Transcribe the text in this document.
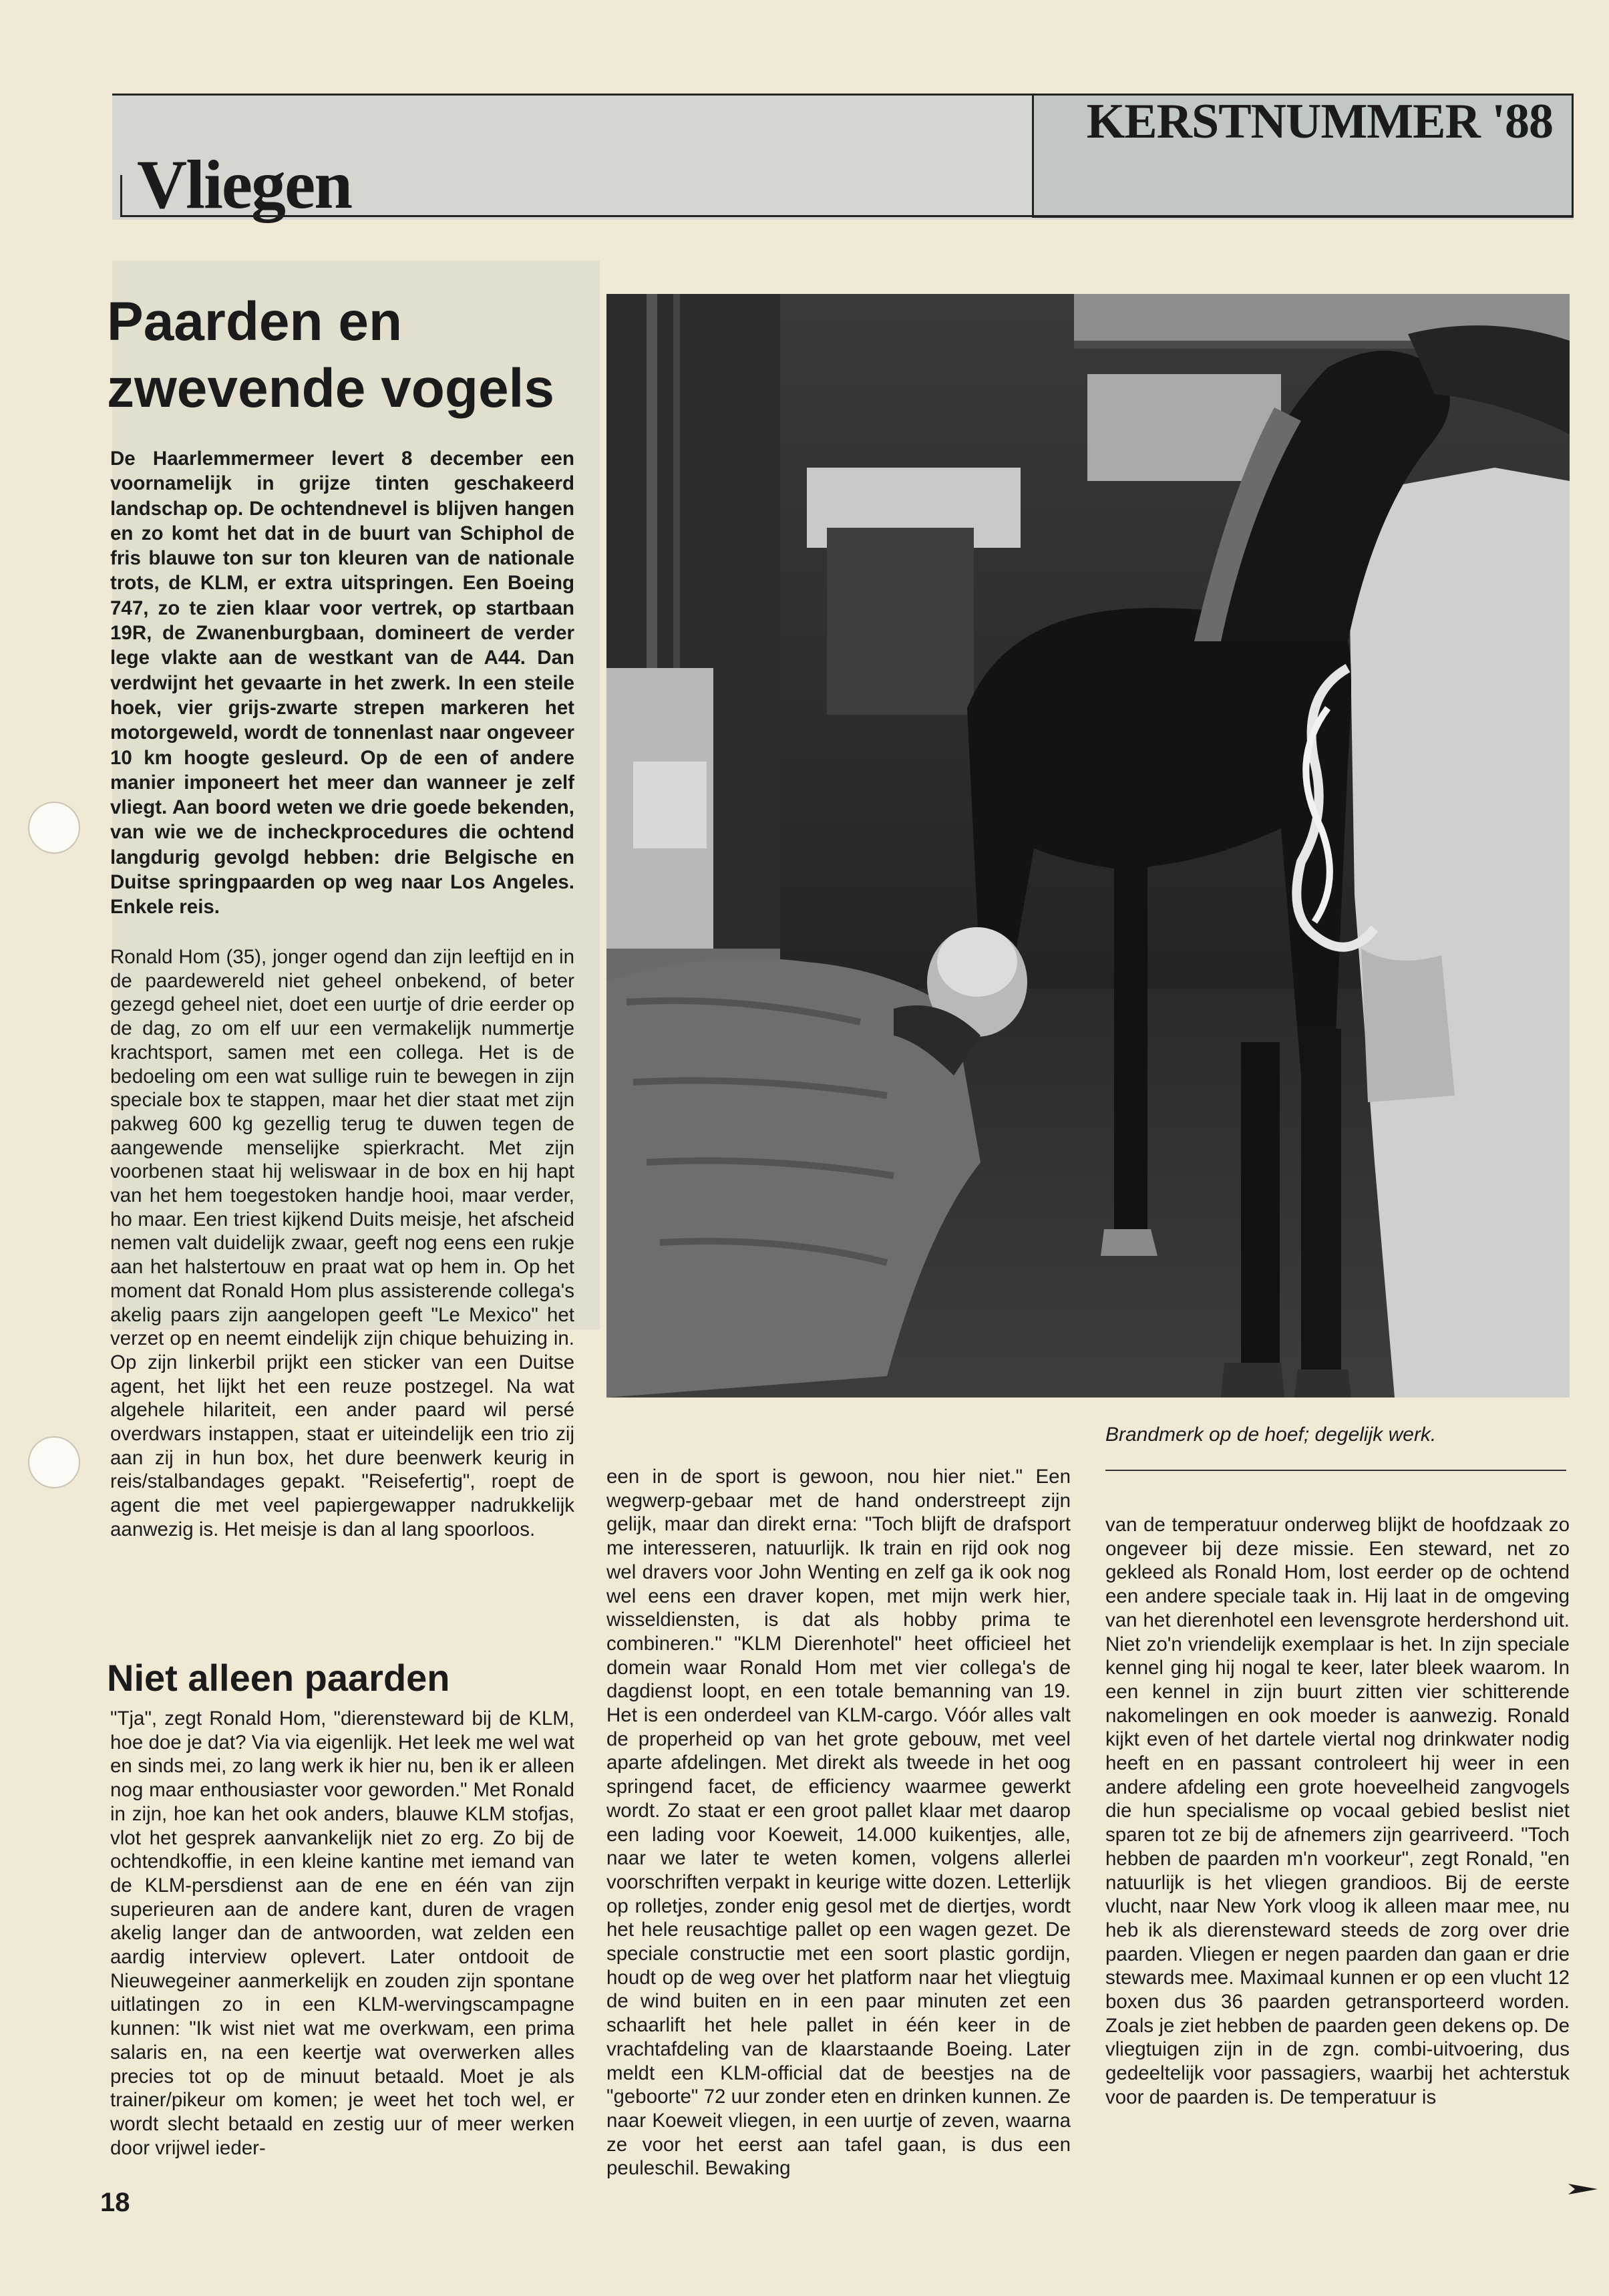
KERSTNUMMER '88
Vliegen
Paarden en
zwevende vogels
De Haarlemmermeer levert 8 december een voornamelijk in grijze tinten geschakeerd landschap op. De ochtendnevel is blijven hangen en zo komt het dat in de buurt van Schiphol de fris blauwe ton sur ton kleuren van de nationale trots, de KLM, er extra uitspringen. Een Boeing 747, zo te zien klaar voor vertrek, op startbaan 19R, de Zwanenburgbaan, domineert de verder lege vlakte aan de westkant van de A44. Dan verdwijnt het gevaarte in het zwerk. In een steile hoek, vier grijs-zwarte strepen markeren het motorgeweld, wordt de tonnenlast naar ongeveer 10 km hoogte gesleurd. Op de een of andere manier imponeert het meer dan wanneer je zelf vliegt. Aan boord weten we drie goede bekenden, van wie we de incheckprocedures die ochtend langdurig gevolgd hebben: drie Belgische en Duitse springpaarden op weg naar Los Angeles. Enkele reis.
Ronald Hom (35), jonger ogend dan zijn leeftijd en in de paardewereld niet geheel onbekend, of beter gezegd geheel niet, doet een uurtje of drie eerder op de dag, zo om elf uur een vermakelijk nummertje krachtsport, samen met een collega. Het is de bedoeling om een wat sullige ruin te bewegen in zijn speciale box te stappen, maar het dier staat met zijn pakweg 600 kg gezellig terug te duwen tegen de aangewende menselijke spierkracht. Met zijn voorbenen staat hij weliswaar in de box en hij hapt van het hem toegestoken handje hooi, maar verder, ho maar. Een triest kijkend Duits meisje, het afscheid nemen valt duidelijk zwaar, geeft nog eens een rukje aan het halstertouw en praat wat op hem in. Op het moment dat Ronald Hom plus assisterende collega's akelig paars zijn aangelopen geeft "Le Mexico" het verzet op en neemt eindelijk zijn chique behuizing in. Op zijn linkerbil prijkt een sticker van een Duitse agent, het lijkt het een reuze postzegel. Na wat algehele hilariteit, een ander paard wil persé overdwars instappen, staat er uiteindelijk een trio zij aan zij in hun box, het dure beenwerk keurig in reis/stalbandages gepakt. "Reisefertig", roept de agent die met veel papiergewapper nadrukkelijk aanwezig is. Het meisje is dan al lang spoorloos.
Niet alleen paarden
"Tja", zegt Ronald Hom, "dierensteward bij de KLM, hoe doe je dat? Via via eigenlijk. Het leek me wel wat en sinds mei, zo lang werk ik hier nu, ben ik er alleen nog maar enthousiaster voor geworden." Met Ronald in zijn, hoe kan het ook anders, blauwe KLM stofjas, vlot het gesprek aanvankelijk niet zo erg. Zo bij de ochtendkoffie, in een kleine kantine met iemand van de KLM-persdienst aan de ene en één van zijn superieuren aan de andere kant, duren de vragen akelig langer dan de antwoorden, wat zelden een aardig interview oplevert. Later ontdooit de Nieuwegeiner aanmerkelijk en zouden zijn spontane uitlatingen zo in een KLM-wervingscampagne kunnen: "Ik wist niet wat me overkwam, een prima salaris en, na een keertje wat overwerken alles precies tot op de minuut betaald. Moet je als trainer/pikeur om komen; je weet het toch wel, er wordt slecht betaald en zestig uur of meer werken door vrijwel ieder-
Brandmerk op de hoef; degelijk werk.
een in de sport is gewoon, nou hier niet." Een wegwerp-gebaar met de hand onderstreept zijn gelijk, maar dan direkt erna: "Toch blijft de drafsport me interesseren, natuurlijk. Ik train en rijd ook nog wel dravers voor John Wenting en zelf ga ik ook nog wel eens een draver kopen, met mijn werk hier, wisseldiensten, is dat als hobby prima te combineren." "KLM Dierenhotel" heet officieel het domein waar Ronald Hom met vier collega's de dagdienst loopt, en een totale bemanning van 19. Het is een onderdeel van KLM-cargo. Vóór alles valt de properheid op van het grote gebouw, met veel aparte afdelingen. Met direkt als tweede in het oog springend facet, de efficiency waarmee gewerkt wordt. Zo staat er een groot pallet klaar met daarop een lading voor Koeweit, 14.000 kuikentjes, alle, naar we later te weten komen, volgens allerlei voorschriften verpakt in keurige witte dozen. Letterlijk op rolletjes, zonder enig gesol met de diertjes, wordt het hele reusachtige pallet op een wagen gezet. De speciale constructie met een soort plastic gordijn, houdt op de weg over het platform naar het vliegtuig de wind buiten en in een paar minuten zet een schaarlift het hele pallet in één keer in de vrachtafdeling van de klaarstaande Boeing. Later meldt een KLM-official dat de beestjes na de "geboorte" 72 uur zonder eten en drinken kunnen. Ze naar Koeweit vliegen, in een uurtje of zeven, waarna ze voor het eerst aan tafel gaan, is dus een peuleschil. Bewaking
van de temperatuur onderweg blijkt de hoofdzaak zo ongeveer bij deze missie. Een steward, net zo gekleed als Ronald Hom, lost eerder op de ochtend een andere speciale taak in. Hij laat in de omgeving van het dierenhotel een levensgrote herdershond uit. Niet zo'n vriendelijk exemplaar is het. In zijn speciale kennel ging hij nogal te keer, later bleek waarom. In een kennel in zijn buurt zitten vier schitterende nakomelingen en ook moeder is aanwezig. Ronald kijkt even of het dartele viertal nog drinkwater nodig heeft en en passant controleert hij weer in een andere afdeling een grote hoeveelheid zangvogels die hun specialisme op vocaal gebied beslist niet sparen tot ze bij de afnemers zijn gearriveerd. "Toch hebben de paarden m'n voorkeur", zegt Ronald, "en natuurlijk is het vliegen grandioos. Bij de eerste vlucht, naar New York vloog ik alleen maar mee, nu heb ik als dierensteward steeds de zorg over drie paarden. Vliegen er negen paarden dan gaan er drie stewards mee. Maximaal kunnen er op een vlucht 12 boxen dus 36 paarden getransporteerd worden. Zoals je ziet hebben de paarden geen dekens op. De vliegtuigen zijn in de zgn. combi-uitvoering, dus gedeeltelijk voor passagiers, waarbij het achterstuk voor de paarden is. De temperatuur is
18
